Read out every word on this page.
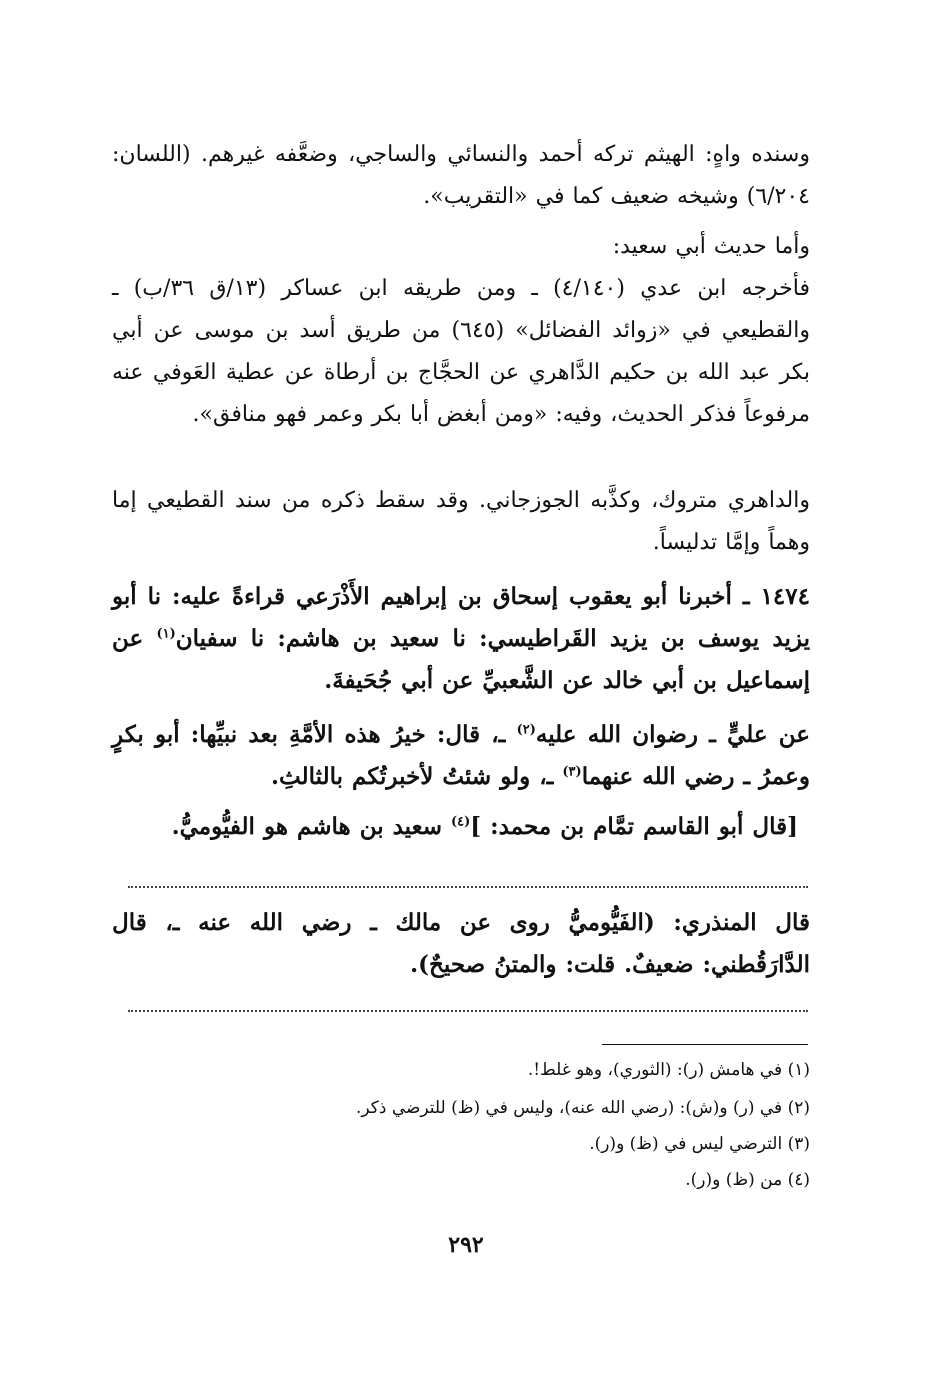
وسنده واهٍ: الهيثم تركه أحمد والنسائي والساجي، وضعَّفه غيرهم. (اللسان: ٦/٢٠٤) وشيخه ضعيف كما في «التقريب».
وأما حديث أبي سعيد:
فأخرجه ابن عدي (٤/١٤٠) ـ ومن طريقه ابن عساكر (١٣/ق ٣٦/ب) ـ والقطيعي في «زوائد الفضائل» (٦٤٥) من طريق أسد بن موسى عن أبي بكر عبد الله بن حكيم الدَّاهري عن الحجَّاج بن أرطاة عن عطية العَوفي عنه مرفوعاً فذكر الحديث، وفيه: «ومن أبغض أبا بكر وعمر فهو منافق».
والداهري متروك، وكذَّبه الجوزجاني. وقد سقط ذكره من سند القطيعي إما وهماً وإمَّا تدليساً.
١٤٧٤ ـ أخبرنا أبو يعقوب إسحاق بن إبراهيم الأَذْرَعي قراءةً عليه: نا أبو يزيد يوسف بن يزيد القَراطيسي: نا سعيد بن هاشم: نا سفيان$^{(١)}$ عن إسماعيل بن أبي خالد عن الشَّعبيِّ عن أبي جُحَيفةَ.
عن عليٍّ ـ رضوان الله عليه$^{(٢)}$ ـ، قال: خيرُ هذه الأمَّةِ بعد نبيِّها: أبو بكرٍ وعمرُ ـ رضي الله عنهما$^{(٣)}$ ـ، ولو شئتُ لأخبرتُكم بالثالثِ.
[قال أبو القاسم تمَّام بن محمد: ]$^{(٤)}$ سعيد بن هاشم هو الفيُّوميُّ.
قال المنذري: (الفَيُّوميُّ روى عن مالك ـ رضي الله عنه ـ، قال الدَّارَقُطني: ضعيفٌ. قلت: والمتنُ صحيحٌ).
(١) في هامش (ر): (الثوري)، وهو غلط!.
(٢) في (ر) و(ش): (رضي الله عنه)، وليس في (ظ) للترضي ذكر.
(٣) الترضي ليس في (ظ) و(ر).
(٤) من (ظ) و(ر).
٢٩٢
